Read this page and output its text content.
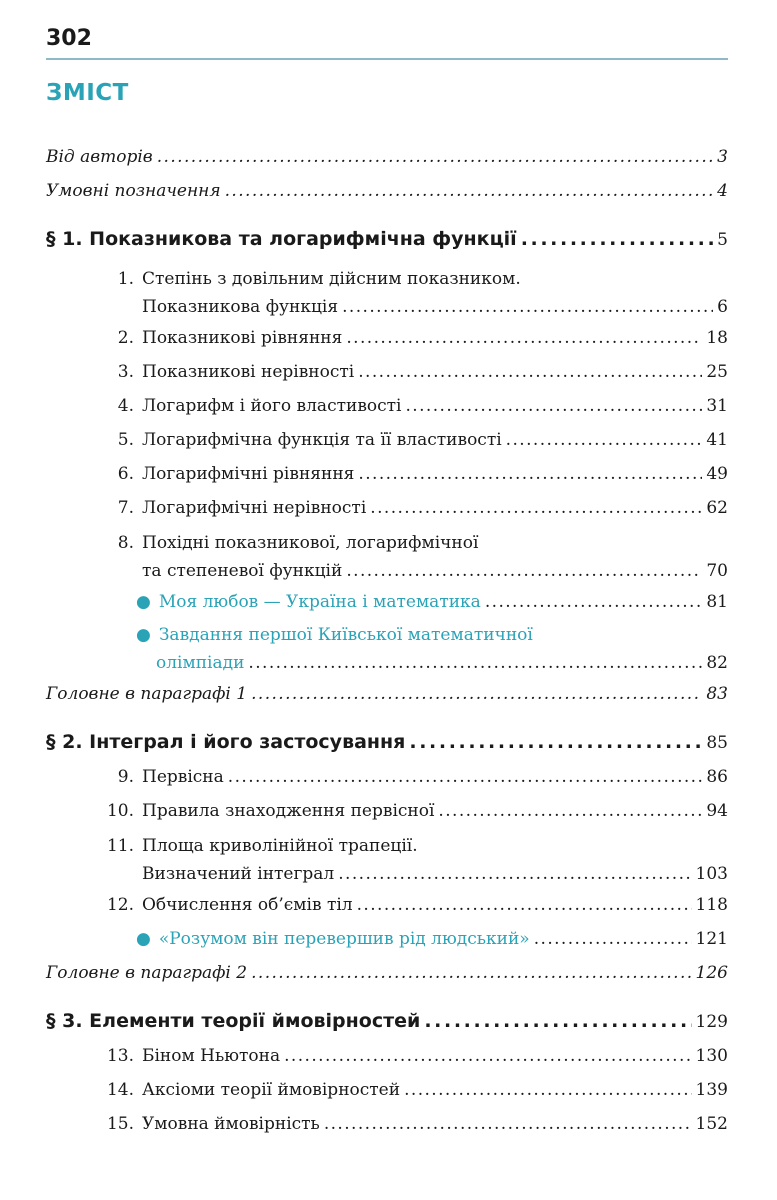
302
ЗМІСТ
Від авторів . . .	3
Умовні позначення . . .	4
§ 1. Показникова та логарифмічна функції . . .	5
1. Степінь з довільним дійсним показником.
Показникова функція . . .	6
2. Показникові рівняння . . .	18
3. Показникові нерівності . . .	25
4. Логарифм і його властивості . . .	31
5. Логарифмічна функція та її властивості . . .	41
6. Логарифмічні рівняння . . .	49
7. Логарифмічні нерівності . . .	62
8. Похідні показникової, логарифмічної
та степеневої функцій . . .	70
● Моя любов — Україна і математика . . .	81
● Завдання першої Київської математичної
олімпіади . . .	82
Головне в параграфі 1 . . .	83
§ 2. Інтеграл і його застосування . . .	85
9. Первісна . . .	86
10. Правила знаходження первісної . . .	94
11. Площа криволінійної трапеції.
Визначений інтеграл . . .	103
12. Обчислення об’ємів тіл . . .	118
● «Розумом він перевершив рід людський» . . .	121
Головне в параграфі 2 . . .	126
§ 3. Елементи теорії ймовірностей . . .	129
13. Біном Ньютона . . .	130
14. Аксіоми теорії ймовірностей . . .	139
15. Умовна ймовірність . . .	152
